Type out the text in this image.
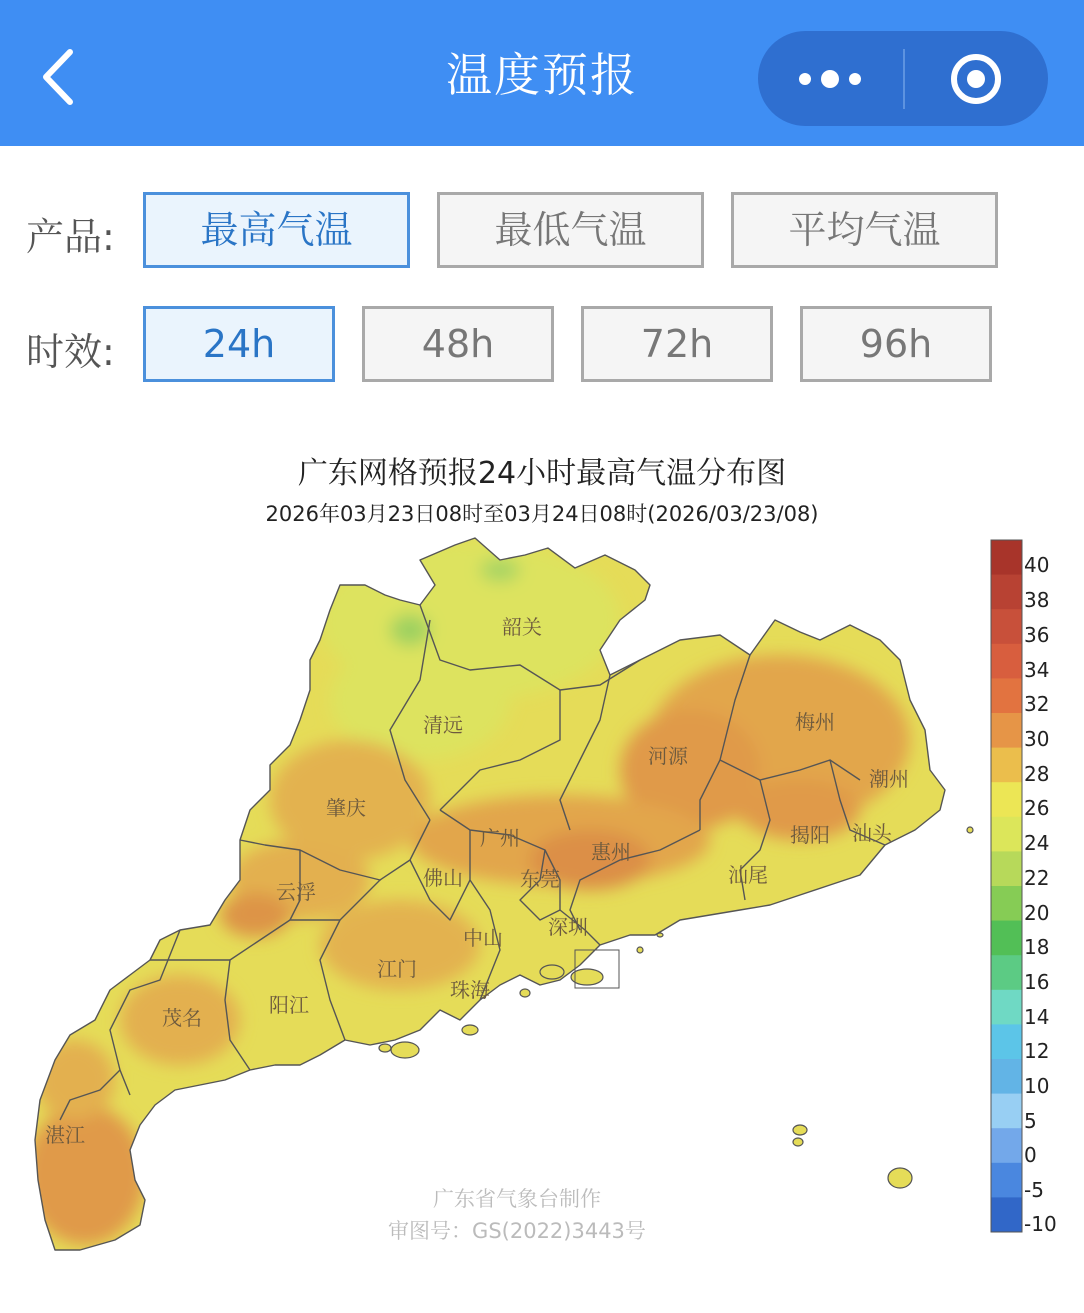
温度预报
产品:	最高气温	最低气温	平均气温
时效:	24h	48h	72h	96h
广东网格预报24小时最高气温分布图
2026年03月23日08时至03月24日08时(2026/03/23/08)
韶关
清远
河源
梅州
潮州
肇庆
广州
惠州
揭阳 汕头
佛山	东莞	汕尾
云浮
深圳
中山
江门
珠海
阳江
茂名
湛江
广东省气象台制作
审图号：GS(2022)3443号
40
38
36
34
32
30
28
26
24
22
20
18
16
14
12
10
5
0
-5
-10
